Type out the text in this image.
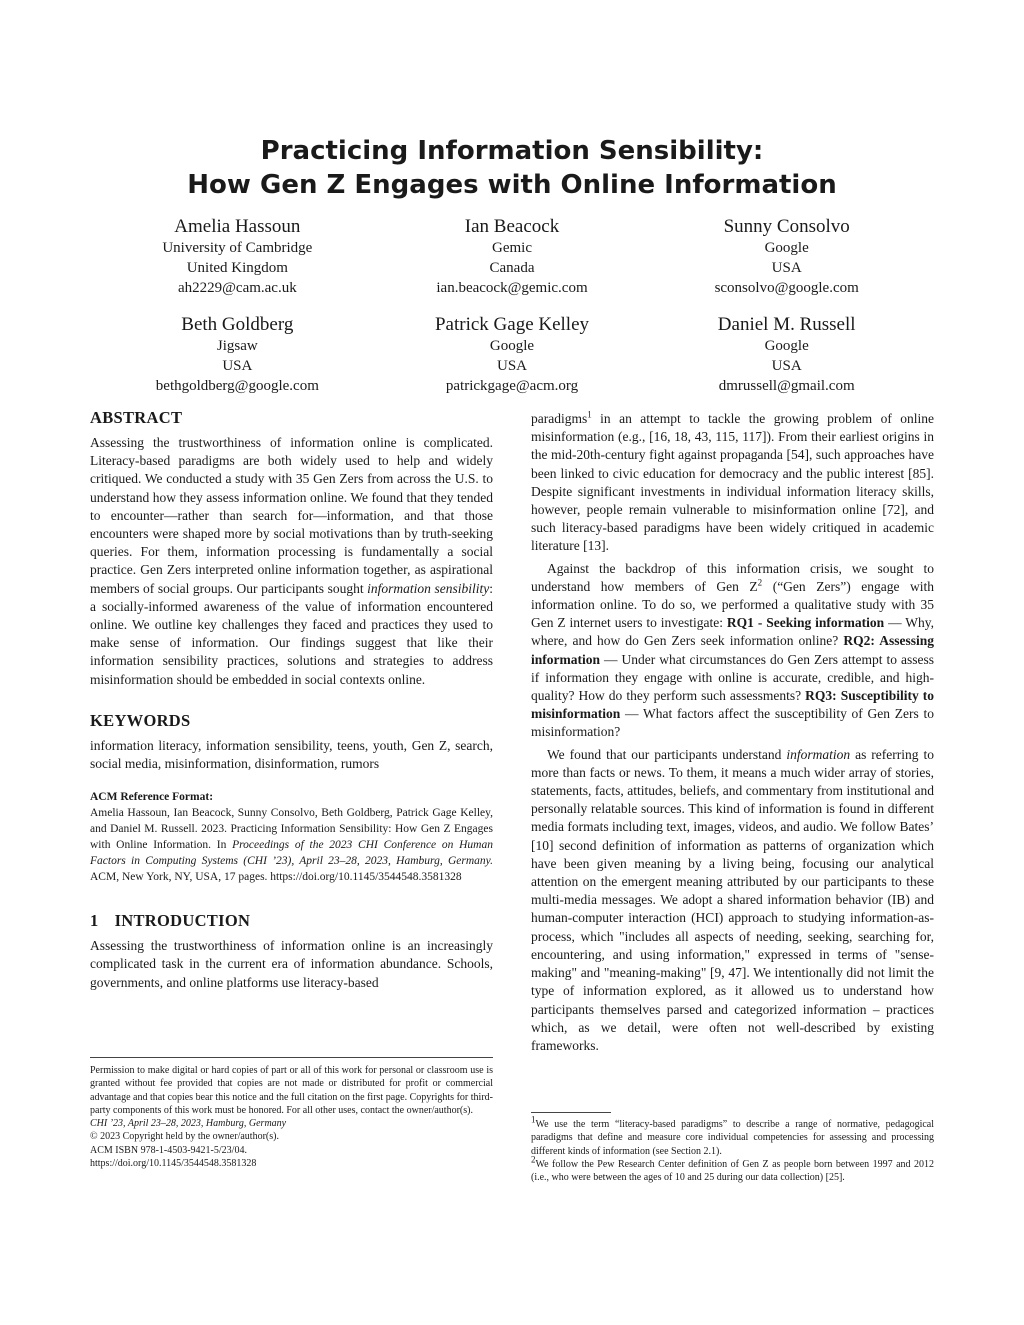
Practicing Information Sensibility:
How Gen Z Engages with Online Information
Amelia Hassoun
University of Cambridge
United Kingdom
ah2229@cam.ac.uk
Ian Beacock
Gemic
Canada
ian.beacock@gemic.com
Sunny Consolvo
Google
USA
sconsolvo@google.com
Beth Goldberg
Jigsaw
USA
bethgoldberg@google.com
Patrick Gage Kelley
Google
USA
patrickgage@acm.org
Daniel M. Russell
Google
USA
dmrussell@gmail.com
ABSTRACT

Assessing the trustworthiness of information online is complicated. Literacy-based paradigms are both widely used to help and widely critiqued. We conducted a study with 35 Gen Zers from across the U.S. to understand how they assess information online. We found that they tended to encounter—rather than search for—information, and that those encounters were shaped more by social motivations than by truth-seeking queries. For them, information processing is fundamentally a social practice. Gen Zers interpreted online information together, as aspirational members of social groups. Our participants sought information sensibility: a socially-informed awareness of the value of information encountered online. We outline key challenges they faced and practices they used to make sense of information. Our findings suggest that like their information sensibility practices, solutions and strategies to address misinformation should be embedded in social contexts online.

KEYWORDS

information literacy, information sensibility, teens, youth, Gen Z, search, social media, misinformation, disinformation, rumors

ACM Reference Format:
Amelia Hassoun, Ian Beacock, Sunny Consolvo, Beth Goldberg, Patrick Gage Kelley, and Daniel M. Russell. 2023. Practicing Information Sensibility: How Gen Z Engages with Online Information. In Proceedings of the 2023 CHI Conference on Human Factors in Computing Systems (CHI ’23), April 23–28, 2023, Hamburg, Germany. ACM, New York, NY, USA, 17 pages. https://doi.org/10.1145/3544548.3581328
1 INTRODUCTION

Assessing the trustworthiness of information online is an increasingly complicated task in the current era of information abundance. Schools, governments, and online platforms use literacy-based

Permission to make digital or hard copies of part or all of this work for personal or classroom use is granted without fee provided that copies are not made or distributed for profit or commercial advantage and that copies bear this notice and the full citation on the first page. Copyrights for third-party components of this work must be honored. For all other uses, contact the owner/author(s).

CHI ’23, April 23–28, 2023, Hamburg, Germany

© 2023 Copyright held by the owner/author(s).

ACM ISBN 978-1-4503-9421-5/23/04.

https://doi.org/10.1145/3544548.3581328

paradigms$^1$ in an attempt to tackle the growing problem of online misinformation (e.g., [16, 18, 43, 115, 117]). From their earliest origins in the mid-20th-century fight against propaganda [54], such approaches have been linked to civic education for democracy and the public interest [85]. Despite significant investments in individual information literacy skills, however, people remain vulnerable to misinformation online [72], and such literacy-based paradigms have been widely critiqued in academic literature [13].

Against the backdrop of this information crisis, we sought to understand how members of Gen $Z^2$ (“Gen Zers”) engage with information online. To do so, we performed a qualitative study with 35 Gen Z internet users to investigate: RQ1 - Seeking information — Why, where, and how do Gen Zers seek information online? RQ2: Assessing information — Under what circumstances do Gen Zers attempt to assess if information they engage with online is accurate, credible, and high-quality? How do they perform such assessments? RQ3: Susceptibility to misinformation — What factors affect the susceptibility of Gen Zers to misinformation?

We found that our participants understand information as referring to more than facts or news. To them, it means a much wider array of stories, statements, facts, attitudes, beliefs, and commentary from institutional and personally relatable sources. This kind of information is found in different media formats including text, images, videos, and audio. We follow Bates’ [10] second definition of information as patterns of organization which have been given meaning by a living being, focusing our analytical attention on the emergent meaning attributed by our participants to these multi-media messages. We adopt a shared information behavior (IB) and human-computer interaction (HCI) approach to studying information-as-process, which "includes all aspects of needing, seeking, searching for, encountering, and using information," expressed in terms of "sense-making" and "meaning-making" [9, 47]. We intentionally did not limit the type of information explored, as it allowed us to understand how participants themselves parsed and categorized information – practices which, as we detail, were often not well-described by existing frameworks.

$^1$We use the term “literacy-based paradigms” to describe a range of normative, pedagogical paradigms that define and measure core individual competencies for assessing and processing different kinds of information (see Section 2.1).

$^2$We follow the Pew Research Center definition of Gen Z as people born between 1997 and 2012 (i.e., who were between the ages of 10 and 25 during our data collection) [25].
